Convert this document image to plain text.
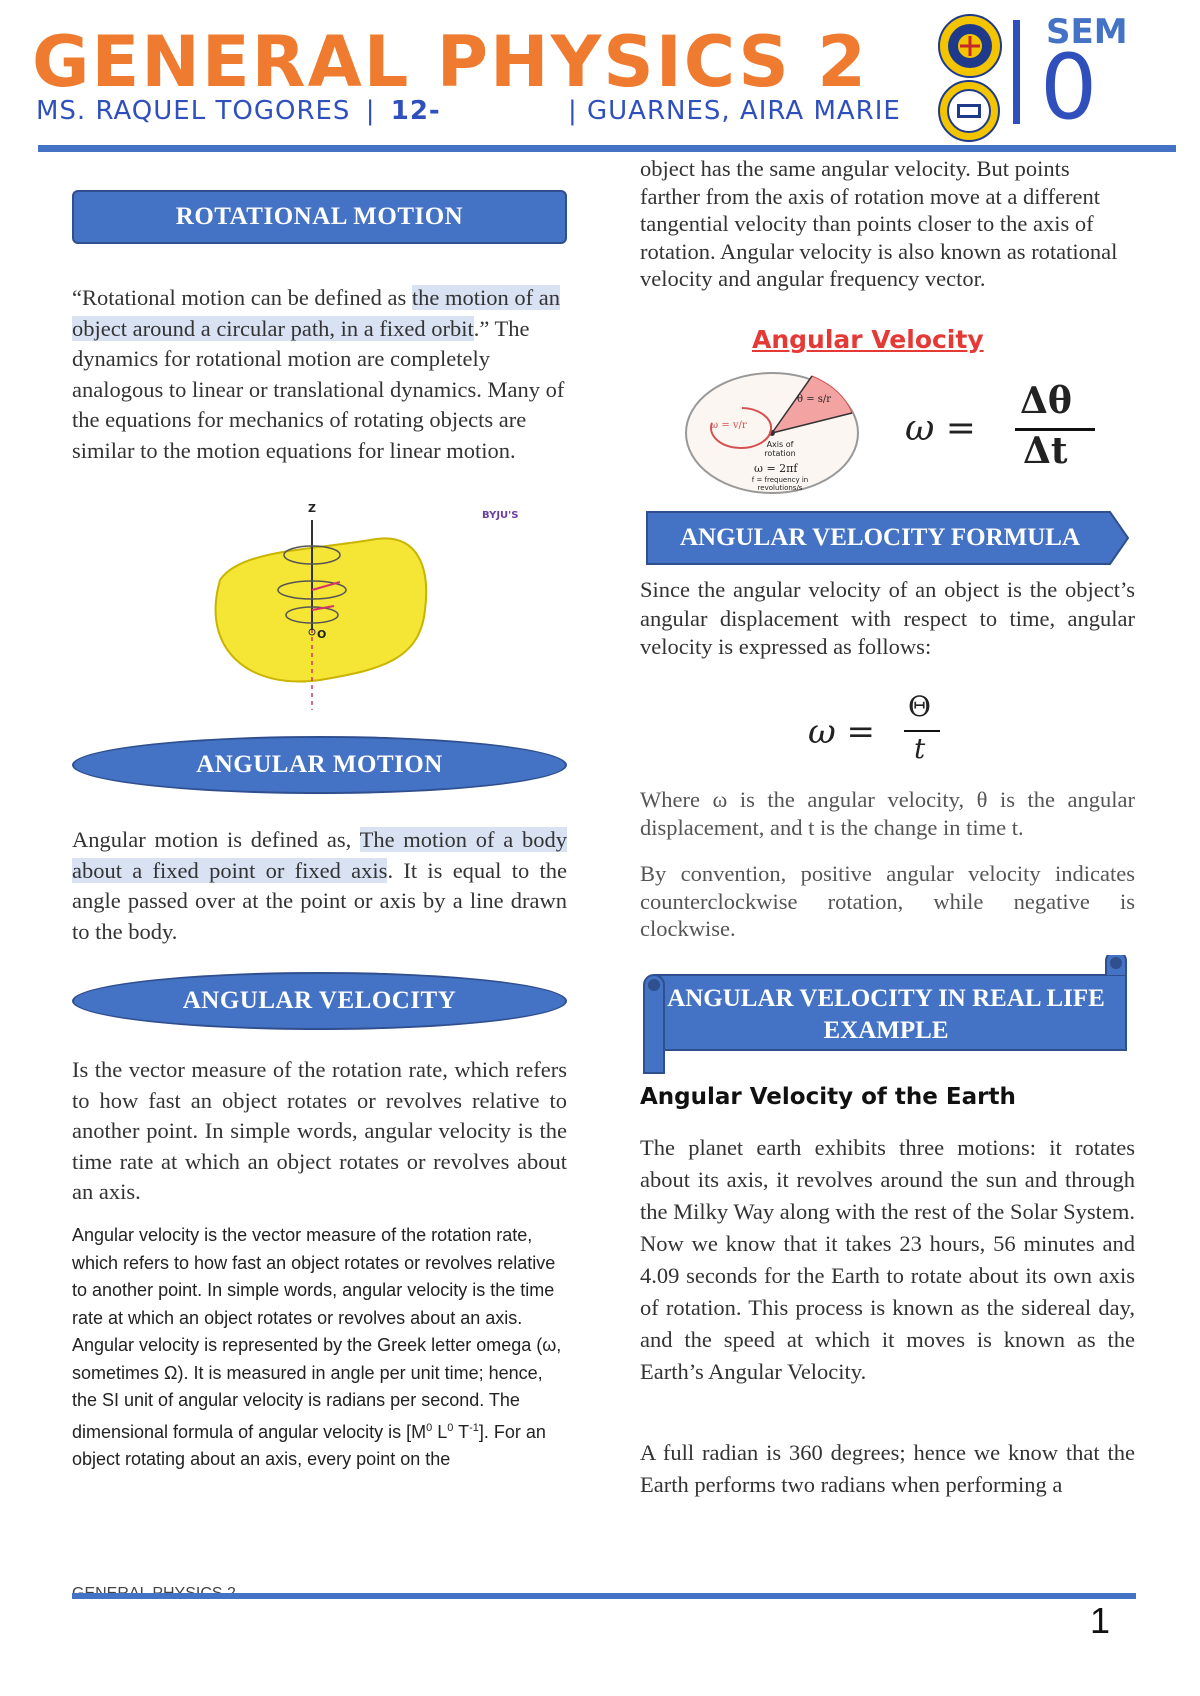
GENERAL PHYSICS 2
MS. RAQUEL TOGORES | 12-	| GUARNES, AIRA MARIE
SEM
0
ROTATIONAL MOTION
“Rotational motion can be defined as the motion of an object around a circular path, in a fixed orbit.” The dynamics for rotational motion are completely analogous to linear or translational dynamics. Many of the equations for mechanics of rotating objects are similar to the motion equations for linear motion.
Z
O
BYJU'S
ANGULAR MOTION
Angular motion is defined as, The motion of a body about a fixed point or fixed axis. It is equal to the angle passed over at the point or axis by a line drawn to the body.
ANGULAR VELOCITY
Is the vector measure of the rotation rate, which refers to how fast an object rotates or revolves relative to another point. In simple words, angular velocity is the time rate at which an object rotates or revolves about an axis.
Angular velocity is the vector measure of the rotation rate, which refers to how fast an object rotates or revolves relative to another point. In simple words, angular velocity is the time rate at which an object rotates or revolves about an axis. Angular velocity is represented by the Greek letter omega (ω, sometimes Ω). It is measured in angle per unit time; hence, the SI unit of angular velocity is radians per second. The dimensional formula of angular velocity is [$M^0$ $L^0$ $T^{-1}$]. For an object rotating about an axis, every point on the
object has the same angular velocity. But points farther from the axis of rotation move at a different tangential velocity than points closer to the axis of rotation. Angular velocity is also known as rotational velocity and angular frequency vector.
Angular Velocity
θ = s/r
ω = v/r
Axis of rotation
ω = 2πf
f = frequency in revolutions/s
ω =
Δθ
Δt
ANGULAR VELOCITY FORMULA
Since the angular velocity of an object is the object’s angular displacement with respect to time, angular velocity is expressed as follows:
ω =
Θ
t
Where ω is the angular velocity, θ is the angular displacement, and t is the change in time t.
By convention, positive angular velocity indicates counterclockwise rotation, while negative is clockwise.
ANGULAR VELOCITY IN REAL LIFE EXAMPLE
Angular Velocity of the Earth
The planet earth exhibits three motions: it rotates about its axis, it revolves around the sun and through the Milky Way along with the rest of the Solar System. Now we know that it takes 23 hours, 56 minutes and 4.09 seconds for the Earth to rotate about its own axis of rotation. This process is known as the sidereal day, and the speed at which it moves is known as the Earth’s Angular Velocity.
A full radian is 360 degrees; hence we know that the Earth performs two radians when performing a
1
